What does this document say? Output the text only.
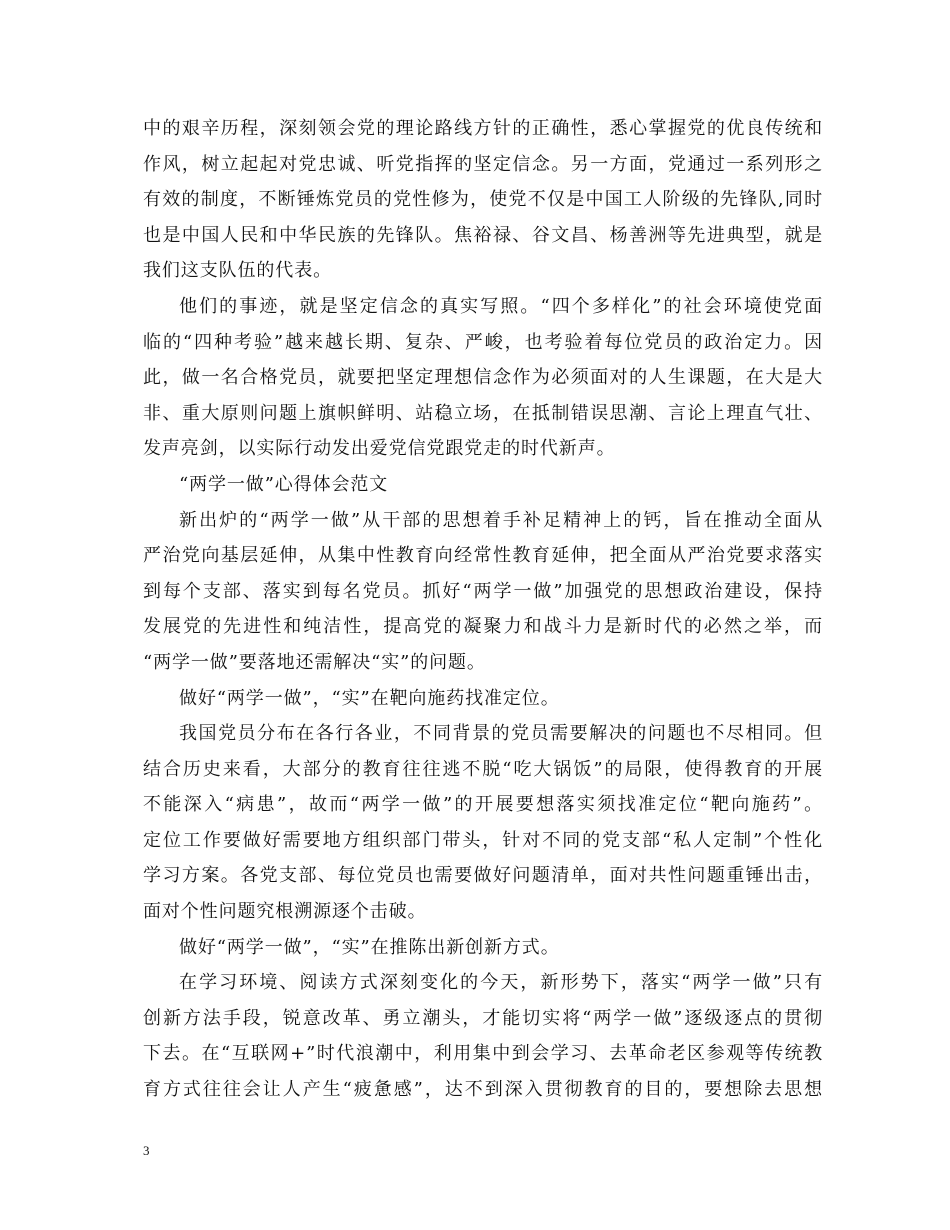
中的艰辛历程，深刻领会党的理论路线方针的正确性，悉心掌握党的优良传统和
作风，树立起起对党忠诚、听党指挥的坚定信念。另一方面，党通过一系列形之
有效的制度，不断锤炼党员的党性修为，使党不仅是中国工人阶级的先锋队,同时
也是中国人民和中华民族的先锋队。焦裕禄、谷文昌、杨善洲等先进典型，就是
我们这支队伍的代表。
他们的事迹，就是坚定信念的真实写照。“四个多样化”的社会环境使党面
临的“四种考验”越来越长期、复杂、严峻，也考验着每位党员的政治定力。因
此，做一名合格党员，就要把坚定理想信念作为必须面对的人生课题，在大是大
非、重大原则问题上旗帜鲜明、站稳立场，在抵制错误思潮、言论上理直气壮、
发声亮剑，以实际行动发出爱党信党跟党走的时代新声。
“两学一做”心得体会范文
新出炉的“两学一做”从干部的思想着手补足精神上的钙，旨在推动全面从
严治党向基层延伸，从集中性教育向经常性教育延伸，把全面从严治党要求落实
到每个支部、落实到每名党员。抓好“两学一做”加强党的思想政治建设，保持
发展党的先进性和纯洁性，提高党的凝聚力和战斗力是新时代的必然之举，而
“两学一做”要落地还需解决“实”的问题。
做好“两学一做”，“实”在靶向施药找准定位。
我国党员分布在各行各业，不同背景的党员需要解决的问题也不尽相同。但
结合历史来看，大部分的教育往往逃不脱“吃大锅饭”的局限，使得教育的开展
不能深入“病患”，故而“两学一做”的开展要想落实须找准定位“靶向施药”。
定位工作要做好需要地方组织部门带头，针对不同的党支部“私人定制”个性化
学习方案。各党支部、每位党员也需要做好问题清单，面对共性问题重锤出击，
面对个性问题究根溯源逐个击破。
做好“两学一做”，“实”在推陈出新创新方式。
在学习环境、阅读方式深刻变化的今天，新形势下，落实“两学一做”只有
创新方法手段，锐意改革、勇立潮头，才能切实将“两学一做”逐级逐点的贯彻
下去。在“互联网+”时代浪潮中，利用集中到会学习、去革命老区参观等传统教
育方式往往会让人产生“疲惫感”，达不到深入贯彻教育的目的，要想除去思想
3
